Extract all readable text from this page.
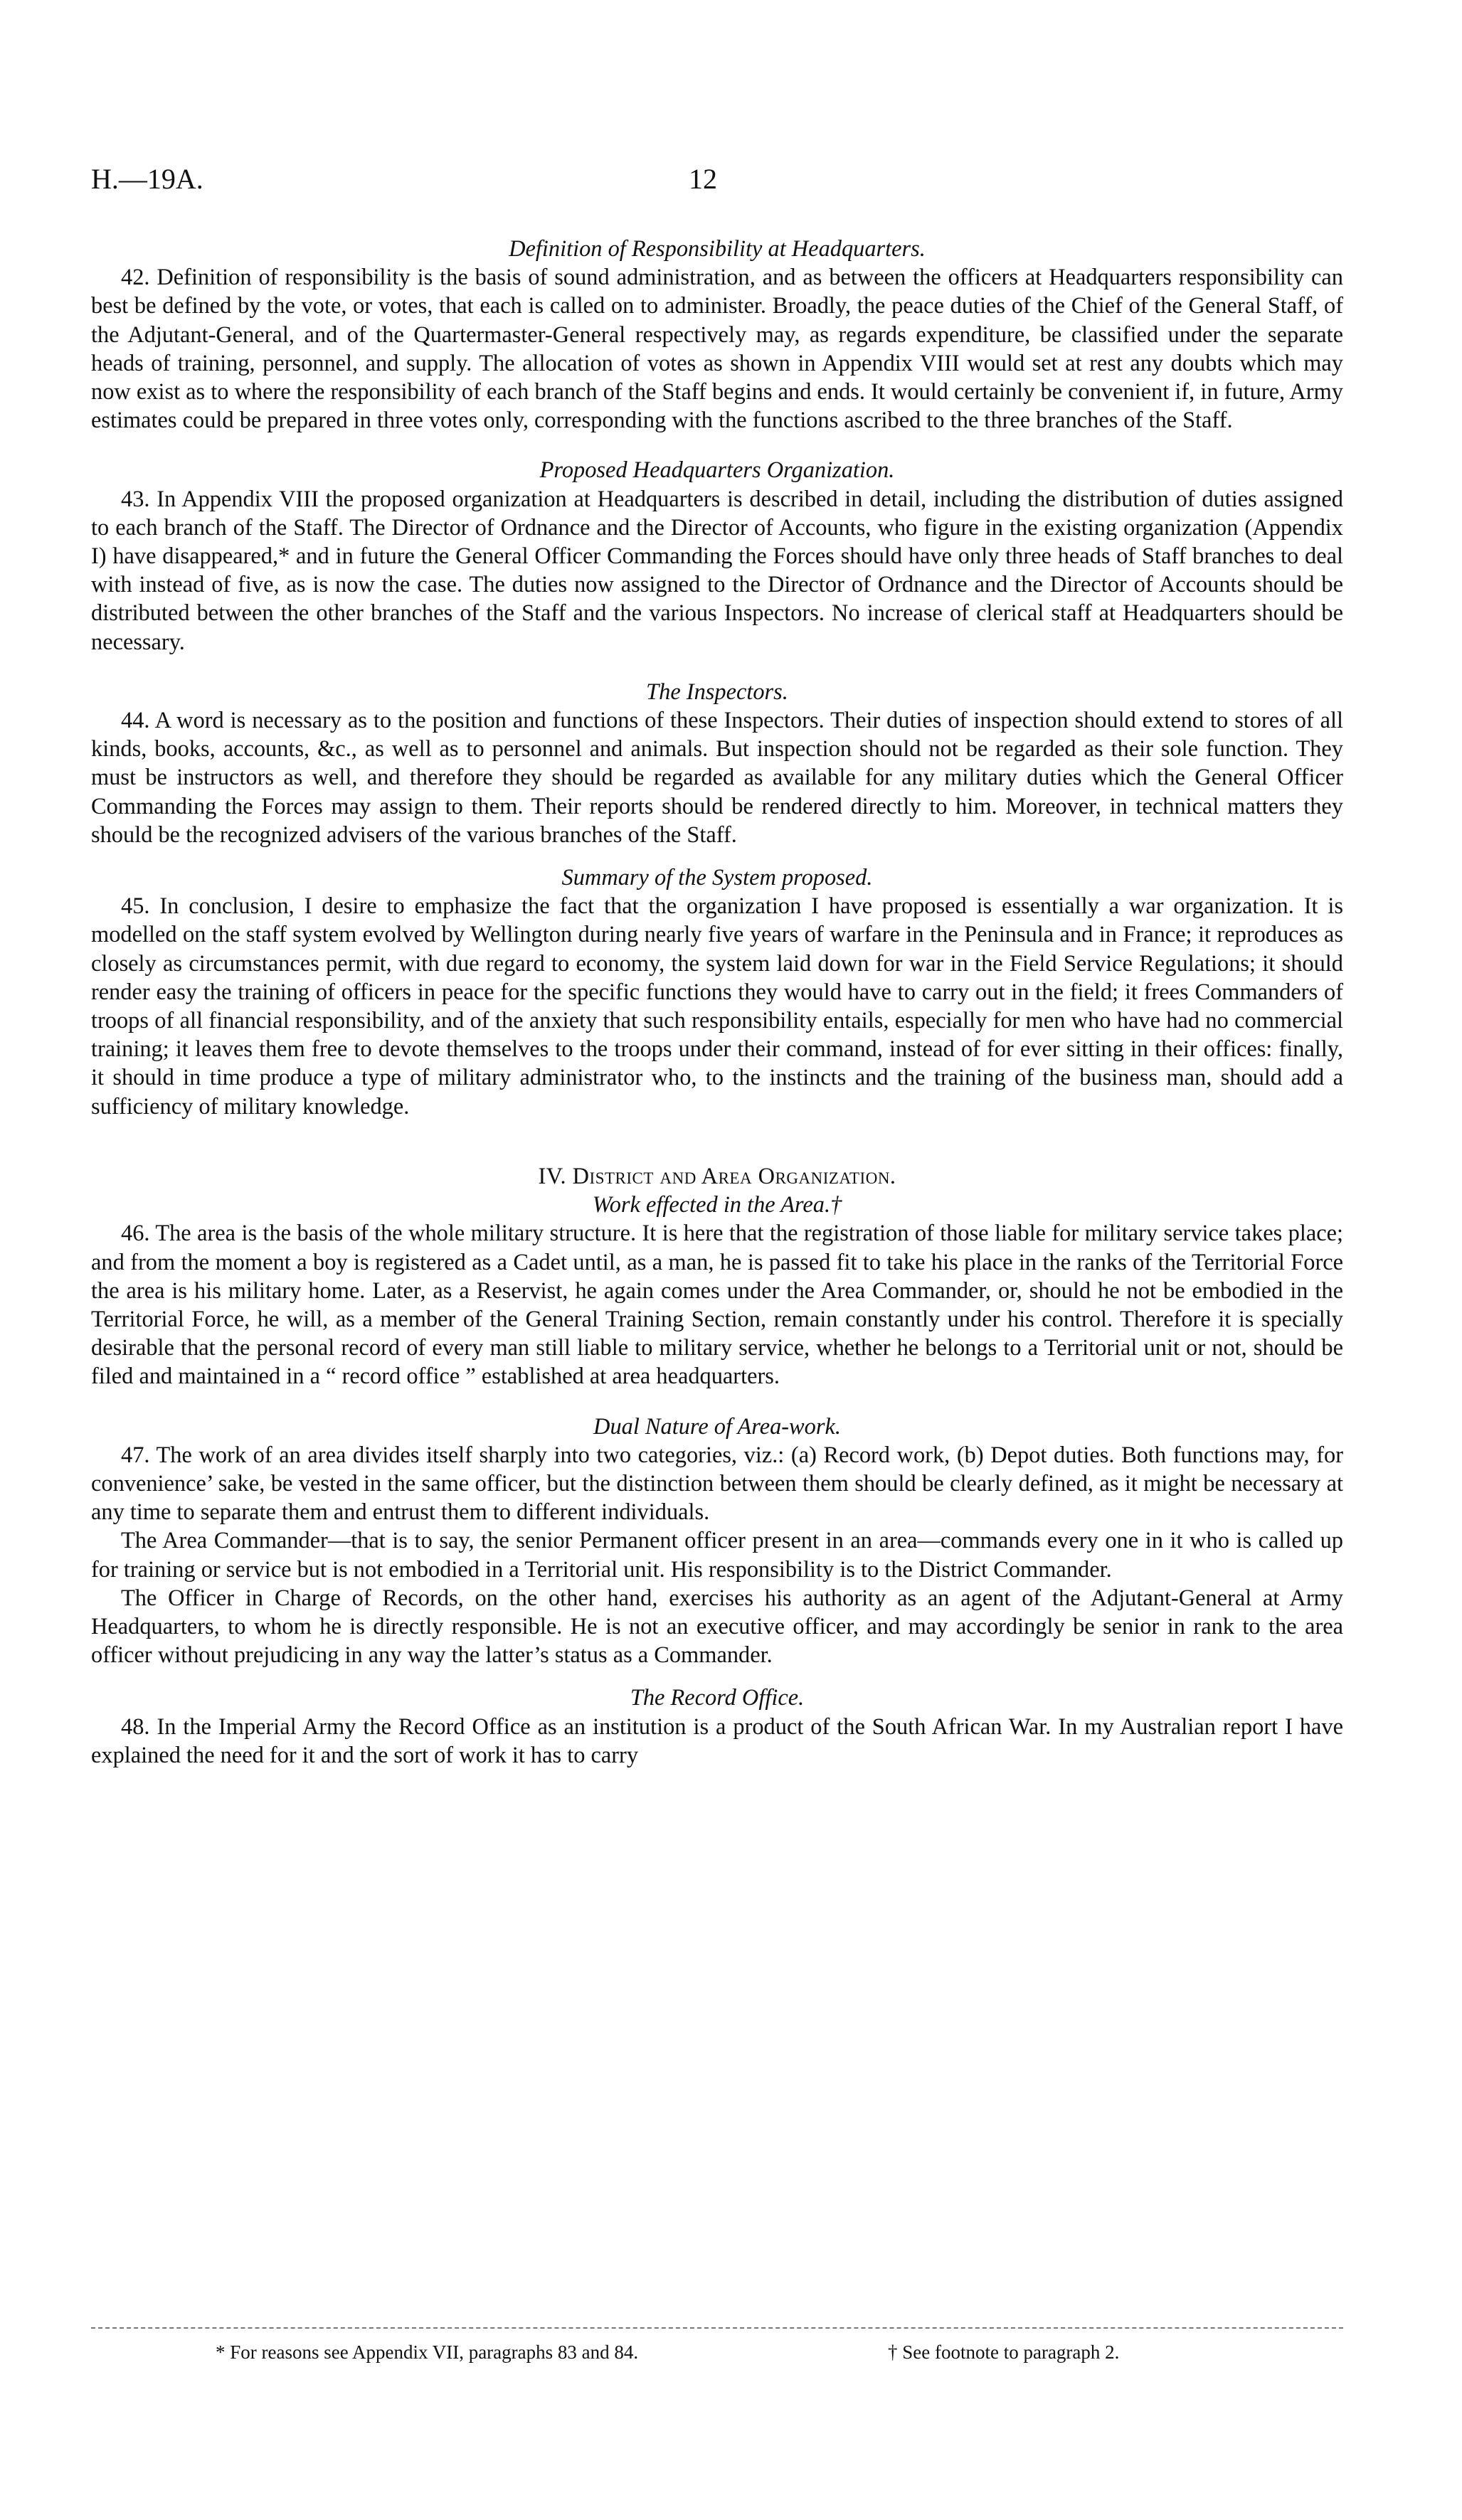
H.—19A.	12
Definition of Responsibility at Headquarters.

42. Definition of responsibility is the basis of sound administration, and as between the officers at Headquarters responsibility can best be defined by the vote, or votes, that each is called on to administer. Broadly, the peace duties of the Chief of the General Staff, of the Adjutant-General, and of the Quartermaster-General respectively may, as regards expenditure, be classified under the separate heads of training, personnel, and supply. The allocation of votes as shown in Appendix VIII would set at rest any doubts which may now exist as to where the responsibility of each branch of the Staff begins and ends. It would certainly be convenient if, in future, Army estimates could be prepared in three votes only, corresponding with the functions ascribed to the three branches of the Staff.

Proposed Headquarters Organization.

43. In Appendix VIII the proposed organization at Headquarters is described in detail, including the distribution of duties assigned to each branch of the Staff. The Director of Ordnance and the Director of Accounts, who figure in the existing organization (Appendix I) have disappeared,* and in future the General Officer Commanding the Forces should have only three heads of Staff branches to deal with instead of five, as is now the case. The duties now assigned to the Director of Ordnance and the Director of Accounts should be distributed between the other branches of the Staff and the various Inspectors. No increase of clerical staff at Headquarters should be necessary.

The Inspectors.

44. A word is necessary as to the position and functions of these Inspectors. Their duties of inspection should extend to stores of all kinds, books, accounts, &c., as well as to personnel and animals. But inspection should not be regarded as their sole function. They must be instructors as well, and therefore they should be regarded as available for any military duties which the General Officer Commanding the Forces may assign to them. Their reports should be rendered directly to him. Moreover, in technical matters they should be the recognized advisers of the various branches of the Staff.

Summary of the System proposed.

45. In conclusion, I desire to emphasize the fact that the organization I have proposed is essentially a war organization. It is modelled on the staff system evolved by Wellington during nearly five years of warfare in the Peninsula and in France; it reproduces as closely as circumstances permit, with due regard to economy, the system laid down for war in the Field Service Regulations; it should render easy the training of officers in peace for the specific functions they would have to carry out in the field; it frees Commanders of troops of all financial responsibility, and of the anxiety that such responsibility entails, especially for men who have had no commercial training; it leaves them free to devote themselves to the troops under their command, instead of for ever sitting in their offices: finally, it should in time produce a type of military administrator who, to the instincts and the training of the business man, should add a sufficiency of military knowledge.

IV. District and Area Organization.
Work effected in the Area.†

46. The area is the basis of the whole military structure. It is here that the registration of those liable for military service takes place; and from the moment a boy is registered as a Cadet until, as a man, he is passed fit to take his place in the ranks of the Territorial Force the area is his military home. Later, as a Reservist, he again comes under the Area Commander, or, should he not be embodied in the Territorial Force, he will, as a member of the General Training Section, remain constantly under his control. Therefore it is specially desirable that the personal record of every man still liable to military service, whether he belongs to a Territorial unit or not, should be filed and maintained in a “ record office ” established at area headquarters.

Dual Nature of Area-work.

47. The work of an area divides itself sharply into two categories, viz.: (a) Record work, (b) Depot duties. Both functions may, for convenience’ sake, be vested in the same officer, but the distinction between them should be clearly defined, as it might be necessary at any time to separate them and entrust them to different individuals.

The Area Commander—that is to say, the senior Permanent officer present in an area—commands every one in it who is called up for training or service but is not embodied in a Territorial unit. His responsibility is to the District Commander.

The Officer in Charge of Records, on the other hand, exercises his authority as an agent of the Adjutant-General at Army Headquarters, to whom he is directly responsible. He is not an executive officer, and may accordingly be senior in rank to the area officer without prejudicing in any way the latter’s status as a Commander.

The Record Office.

48. In the Imperial Army the Record Office as an institution is a product of the South African War. In my Australian report I have explained the need for it and the sort of work it has to carry

* For reasons see Appendix VII, paragraphs 83 and 84.	† See footnote to paragraph 2.
